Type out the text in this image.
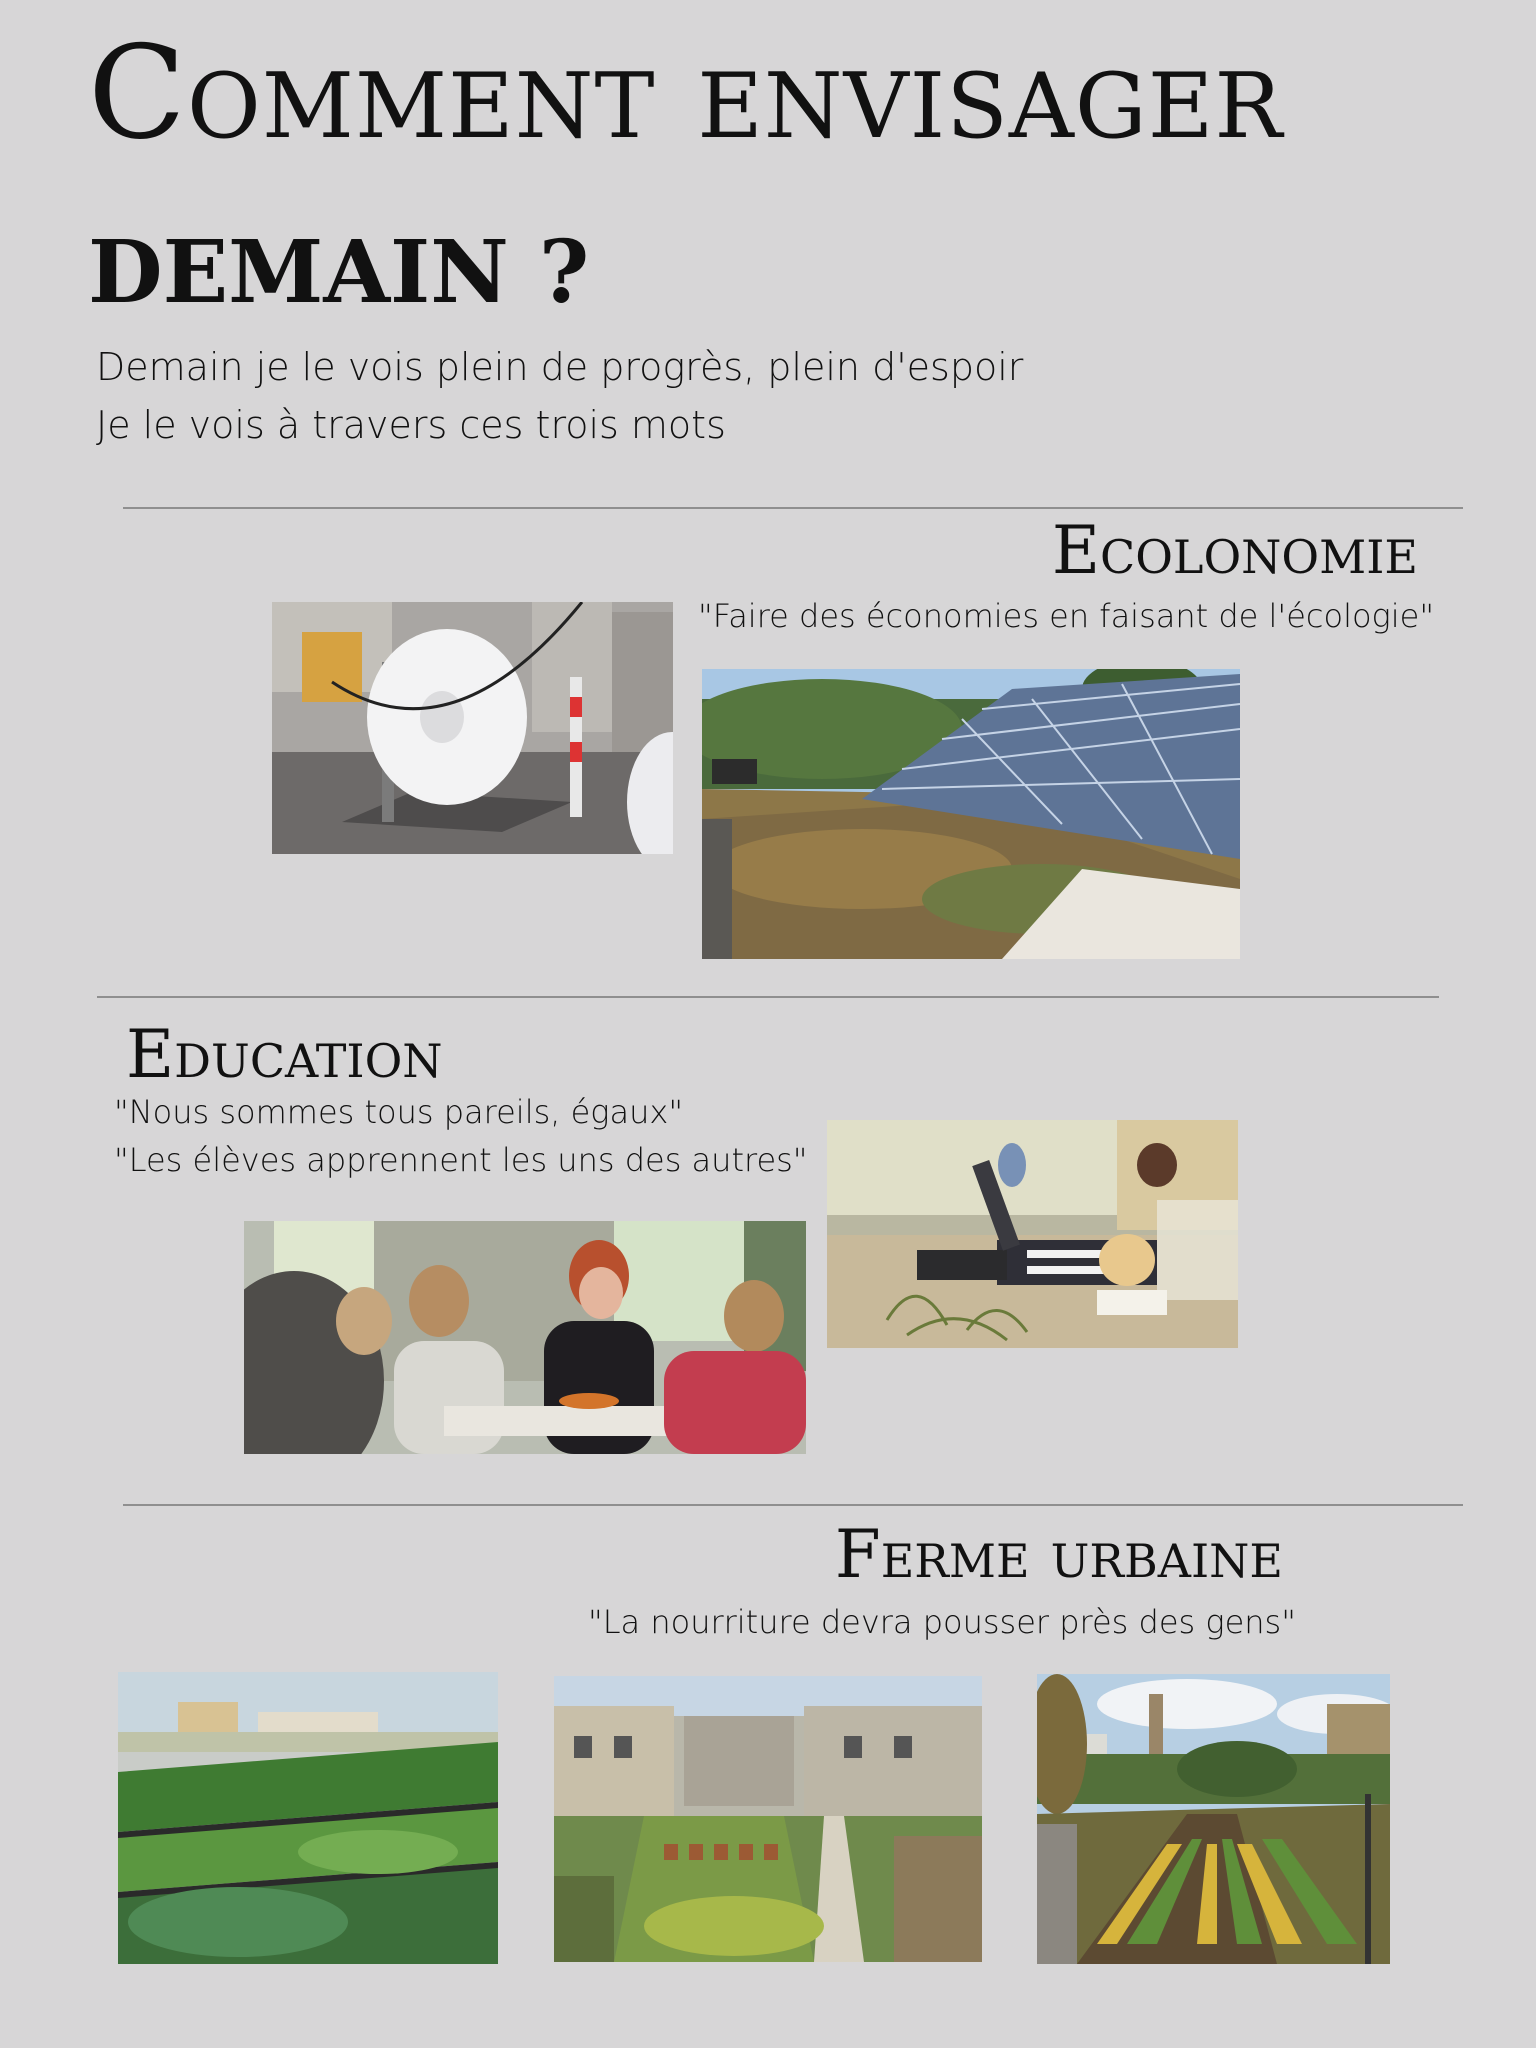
Comment envisager
DEMAIN ?
Demain je le vois plein de progrès, plein d'espoir
Je le vois à travers ces trois mots
Ecolonomie
"Faire des économies en faisant de l'écologie"
Education
"Nous sommes tous pareils, égaux"
"Les élèves apprennent les uns des autres"
Ferme urbaine
"La nourriture devra pousser près des gens"
